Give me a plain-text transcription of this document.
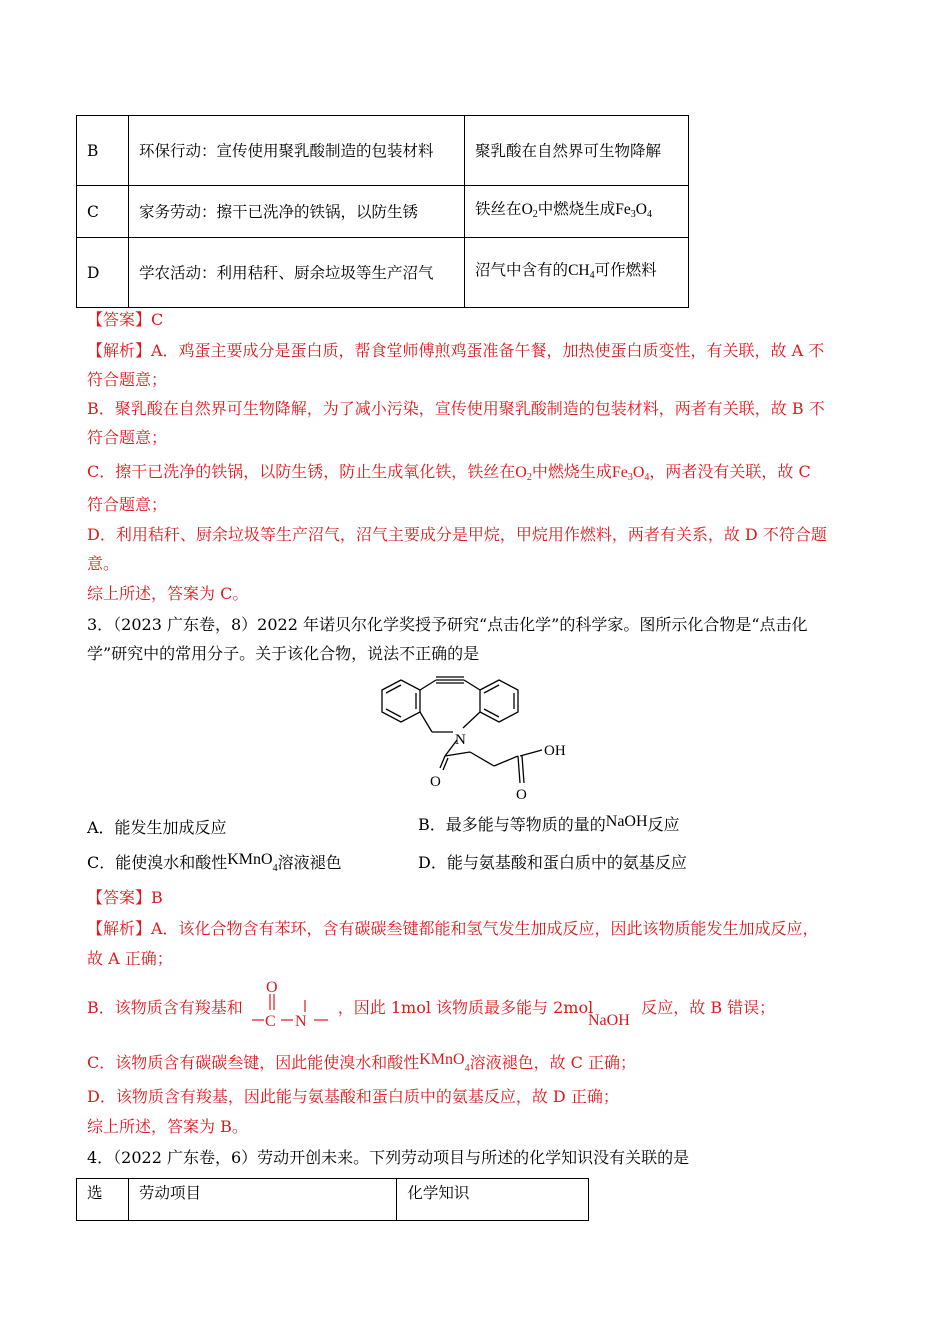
B	环保行动：宣传使用聚乳酸制造的包装材料	聚乳酸在自然界可生物降解
C	家务劳动：擦干已洗净的铁锅，以防生锈	铁丝在$O_2$中燃烧生成$Fe_3O_4$
D	学农活动：利用秸秆、厨余垃圾等生产沼气	沼气中含有的$CH_4$可作燃料
【答案】C
【解析】A．鸡蛋主要成分是蛋白质，帮食堂师傅煎鸡蛋准备午餐，加热使蛋白质变性，有关联，故 A 不
符合题意；
B．聚乳酸在自然界可生物降解，为了减小污染，宣传使用聚乳酸制造的包装材料，两者有关联，故 B 不
符合题意；
C．擦干已洗净的铁锅，以防生锈，防止生成氧化铁，铁丝在$O_2$中燃烧生成$Fe_3O_4$，两者没有关联，故 C
符合题意；
D．利用秸秆、厨余垃圾等生产沼气，沼气主要成分是甲烷，甲烷用作燃料，两者有关系，故 D 不符合题
意。
综上所述，答案为 C。
3．（2023 广东卷，8）2022 年诺贝尔化学奖授予研究“点击化学”的科学家。图所示化合物是“点击化
学”研究中的常用分子。关于该化合物，说法不正确的是
N
OH
O
O
A．能发生加成反应	B．最多能与等物质的量的NaOH反应
C．能使溴水和酸性KMnO$_4$溶液褪色	D．能与氨基酸和蛋白质中的氨基反应
【答案】B
【解析】A．该化合物含有苯环，含有碳碳叁键都能和氢气发生加成反应，因此该物质能发生加成反应，
故 A 正确；
B．该物质含有羧基和	，因此 1mol 该物质最多能与 2mol	反应，故 B 错误；
O
C N	NaOH
C．该物质含有碳碳叁键，因此能使溴水和酸性KMnO$_4$溶液褪色，故 C 正确；
D．该物质含有羧基，因此能与氨基酸和蛋白质中的氨基反应，故 D 正确；
综上所述，答案为 B。
4．（2022 广东卷，6）劳动开创未来。下列劳动项目与所述的化学知识没有关联的是
选	劳动项目	化学知识
